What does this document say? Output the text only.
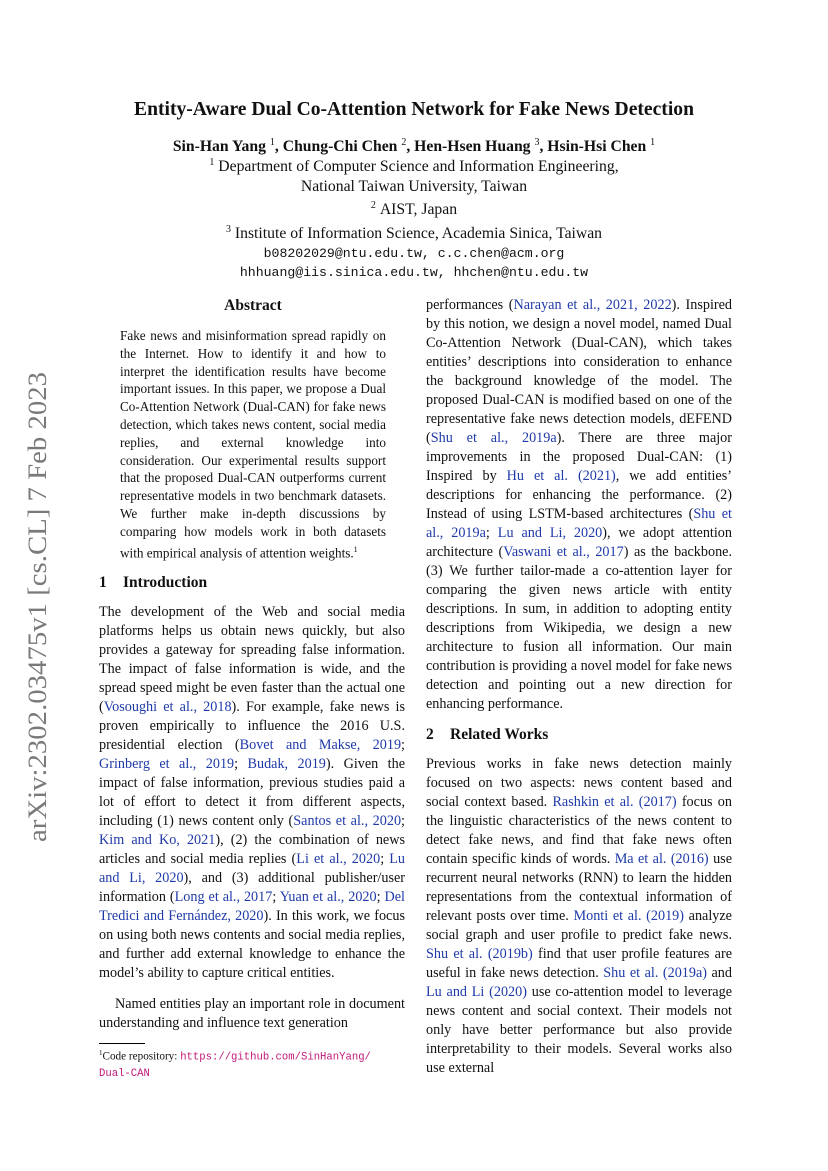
arXiv:2302.03475v1 [cs.CL] 7 Feb 2023
Entity-Aware Dual Co-Attention Network for Fake News Detection
Sin-Han Yang $^1$, Chung-Chi Chen $^2$, Hen-Hsen Huang $^3$, Hsin-Hsi Chen $^1$
$^1$ Department of Computer Science and Information Engineering,
National Taiwan University, Taiwan
$^2$ AIST, Japan
$^3$ Institute of Information Science, Academia Sinica, Taiwan
b08202029@ntu.edu.tw, c.c.chen@acm.org
hhhuang@iis.sinica.edu.tw, hhchen@ntu.edu.tw
Abstract
Fake news and misinformation spread rapidly on the Internet. How to identify it and how to interpret the identification results have become important issues. In this paper, we propose a Dual Co-Attention Network (Dual-CAN) for fake news detection, which takes news content, social media replies, and external knowledge into consideration. Our experimental results support that the proposed Dual-CAN outperforms current representative models in two benchmark datasets. We further make in-depth discussions by comparing how models work in both datasets with empirical analysis of attention weights.$^1$
1 Introduction

The development of the Web and social media platforms helps us obtain news quickly, but also provides a gateway for spreading false information. The impact of false information is wide, and the spread speed might be even faster than the actual one (Vosoughi et al., 2018). For example, fake news is proven empirically to influence the 2016 U.S. presidential election (Bovet and Makse, 2019; Grinberg et al., 2019; Budak, 2019). Given the impact of false information, previous studies paid a lot of effort to detect it from different aspects, including (1) news content only (Santos et al., 2020; Kim and Ko, 2021), (2) the combination of news articles and social media replies (Li et al., 2020; Lu and Li, 2020), and (3) additional publisher/user information (Long et al., 2017; Yuan et al., 2020; Del Tredici and Fernández, 2020). In this work, we focus on using both news contents and social media replies, and further add external knowledge to enhance the model’s ability to capture critical entities.

Named entities play an important role in document understanding and influence text generation

$^1$Code repository: https://github.com/SinHanYang/
Dual-CAN

performances (Narayan et al., 2021, 2022). Inspired by this notion, we design a novel model, named Dual Co-Attention Network (Dual-CAN), which takes entities’ descriptions into consideration to enhance the background knowledge of the model. The proposed Dual-CAN is modified based on one of the representative fake news detection models, dEFEND (Shu et al., 2019a). There are three major improvements in the proposed Dual-CAN: (1) Inspired by Hu et al. (2021), we add entities’ descriptions for enhancing the performance. (2) Instead of using LSTM-based architectures (Shu et al., 2019a; Lu and Li, 2020), we adopt attention architecture (Vaswani et al., 2017) as the backbone. (3) We further tailor-made a co-attention layer for comparing the given news article with entity descriptions. In sum, in addition to adopting entity descriptions from Wikipedia, we design a new architecture to fusion all information. Our main contribution is providing a novel model for fake news detection and pointing out a new direction for enhancing performance.

2 Related Works

Previous works in fake news detection mainly focused on two aspects: news content based and social context based. Rashkin et al. (2017) focus on the linguistic characteristics of the news content to detect fake news, and find that fake news often contain specific kinds of words. Ma et al. (2016) use recurrent neural networks (RNN) to learn the hidden representations from the contextual information of relevant posts over time. Monti et al. (2019) analyze social graph and user profile to predict fake news. Shu et al. (2019b) find that user profile features are useful in fake news detection. Shu et al. (2019a) and Lu and Li (2020) use co-attention model to leverage news content and social context. Their models not only have better performance but also provide interpretability to their models. Several works also use external
